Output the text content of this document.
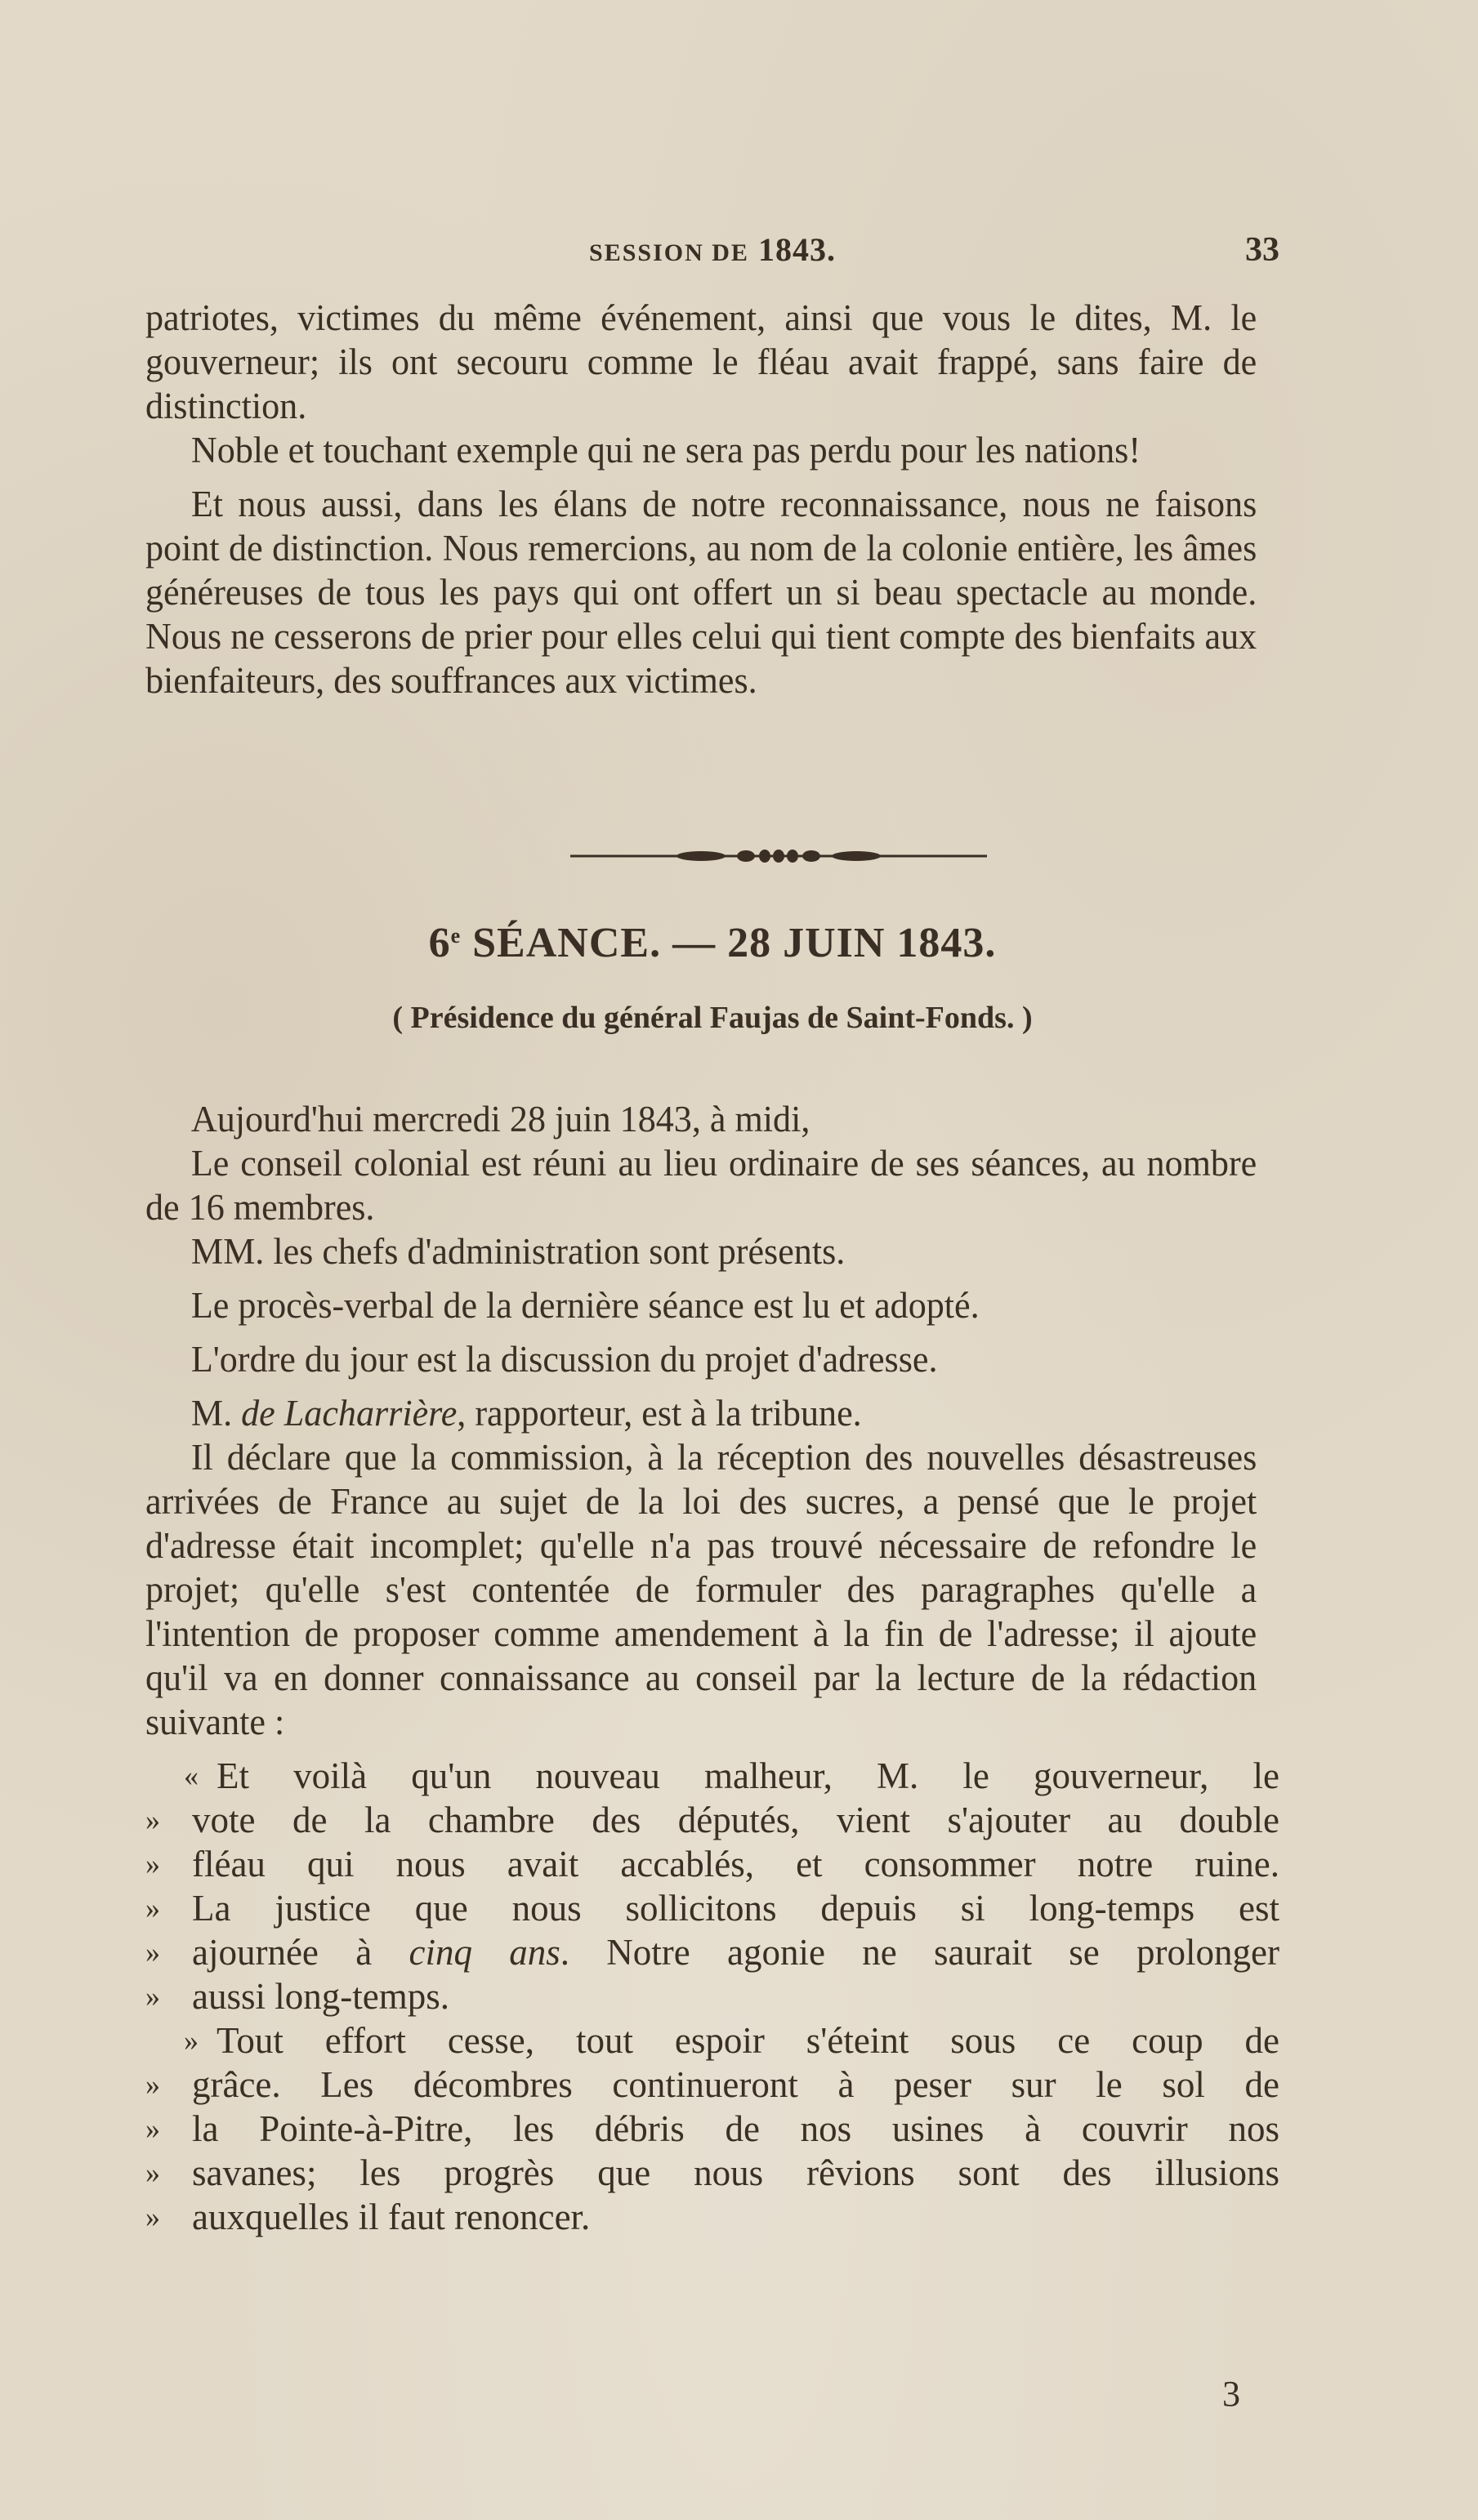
SESSION DE 1843.	33

patriotes, victimes du même événement, ainsi que vous le dites, M. le gouverneur; ils ont secouru comme le fléau avait frappé, sans faire de distinction.

Noble et touchant exemple qui ne sera pas perdu pour les nations!

Et nous aussi, dans les élans de notre reconnaissance, nous ne faisons point de distinction. Nous remercions, au nom de la colonie entière, les âmes généreuses de tous les pays qui ont offert un si beau spectacle au monde. Nous ne cesserons de prier pour elles celui qui tient compte des bienfaits aux bienfaiteurs, des souffrances aux victimes.

6e SÉANCE. — 28 JUIN 1843.
( Présidence du général Faujas de Saint-Fonds. )

Aujourd'hui mercredi 28 juin 1843, à midi,

Le conseil colonial est réuni au lieu ordinaire de ses séances, au nombre de 16 membres.

MM. les chefs d'administration sont présents.

Le procès-verbal de la dernière séance est lu et adopté.

L'ordre du jour est la discussion du projet d'adresse.

M. de Lacharrière, rapporteur, est à la tribune.

Il déclare que la commission, à la réception des nouvelles désastreuses arrivées de France au sujet de la loi des sucres, a pensé que le projet d'adresse était incomplet; qu'elle n'a pas trouvé nécessaire de refondre le projet; qu'elle s'est contentée de formuler des paragraphes qu'elle a l'intention de proposer comme amendement à la fin de l'adresse; il ajoute qu'il va en donner connaissance au conseil par la lecture de la rédaction suivante :

« Et voilà qu'un nouveau malheur, M. le gouverneur, le
» vote de la chambre des députés, vient s'ajouter au double
» fléau qui nous avait accablés, et consommer notre ruine.
» La justice que nous sollicitons depuis si long-temps est
» ajournée à cinq ans. Notre agonie ne saurait se prolonger
» aussi long-temps.
» Tout effort cesse, tout espoir s'éteint sous ce coup de
» grâce. Les décombres continueront à peser sur le sol de
» la Pointe-à-Pitre, les débris de nos usines à couvrir nos
» savanes; les progrès que nous rêvions sont des illusions
» auxquelles il faut renoncer.
3
